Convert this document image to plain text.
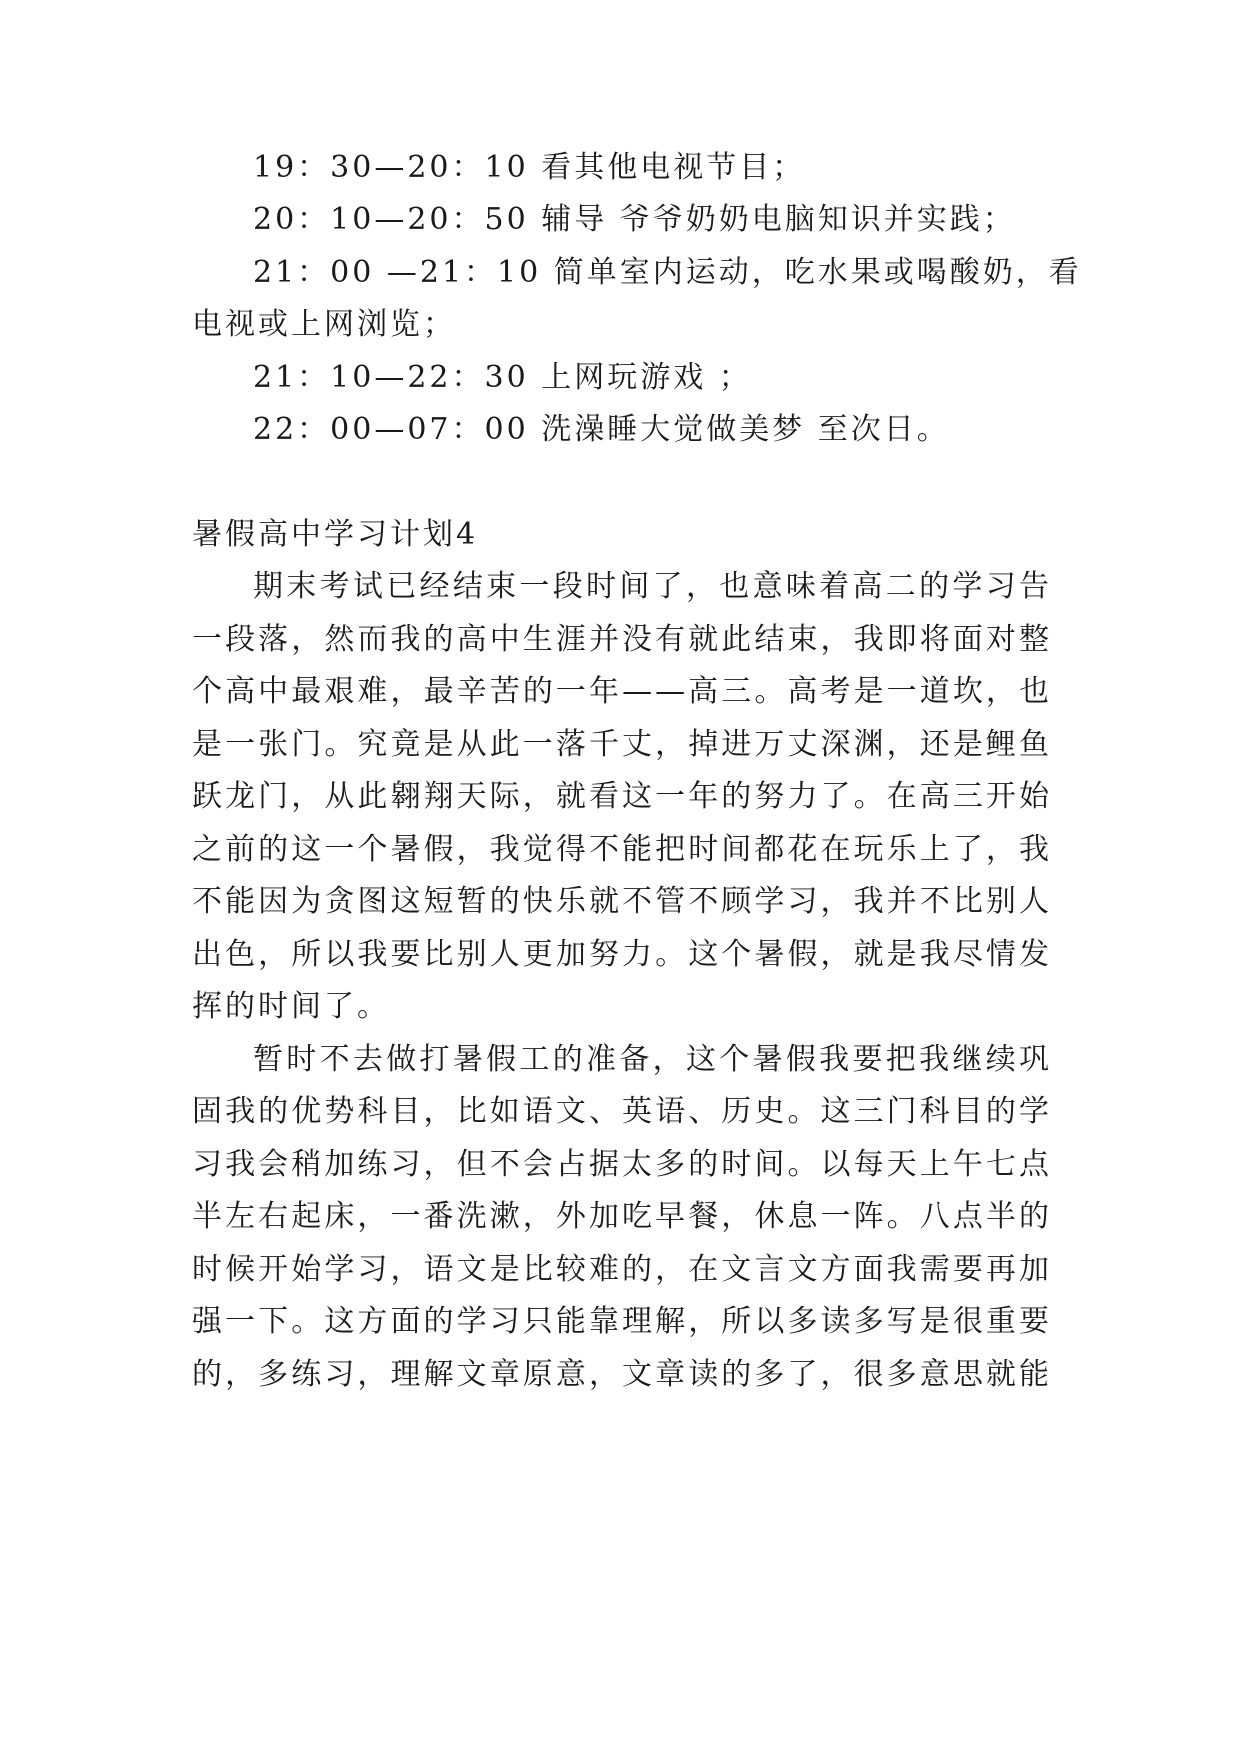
19：30—20：10 看其他电视节目；
20：10—20：50 辅导 爷爷奶奶电脑知识并实践；
21：00 —21：10 简单室内运动，吃水果或喝酸奶，看
电视或上网浏览；
21：10—22：30 上网玩游戏 ；
22：00—07：00 洗澡睡大觉做美梦 至次日。
暑假高中学习计划4
期末考试已经结束一段时间了，也意味着高二的学习告
一段落，然而我的高中生涯并没有就此结束，我即将面对整
个高中最艰难，最辛苦的一年——高三。高考是一道坎，也
是一张门。究竟是从此一落千丈，掉进万丈深渊，还是鲤鱼
跃龙门，从此翱翔天际，就看这一年的努力了。在高三开始
之前的这一个暑假，我觉得不能把时间都花在玩乐上了，我
不能因为贪图这短暂的快乐就不管不顾学习，我并不比别人
出色，所以我要比别人更加努力。这个暑假，就是我尽情发
挥的时间了。
暂时不去做打暑假工的准备，这个暑假我要把我继续巩
固我的优势科目，比如语文、英语、历史。这三门科目的学
习我会稍加练习，但不会占据太多的时间。以每天上午七点
半左右起床，一番洗漱，外加吃早餐，休息一阵。八点半的
时候开始学习，语文是比较难的，在文言文方面我需要再加
强一下。这方面的学习只能靠理解，所以多读多写是很重要
的，多练习，理解文章原意，文章读的多了，很多意思就能
